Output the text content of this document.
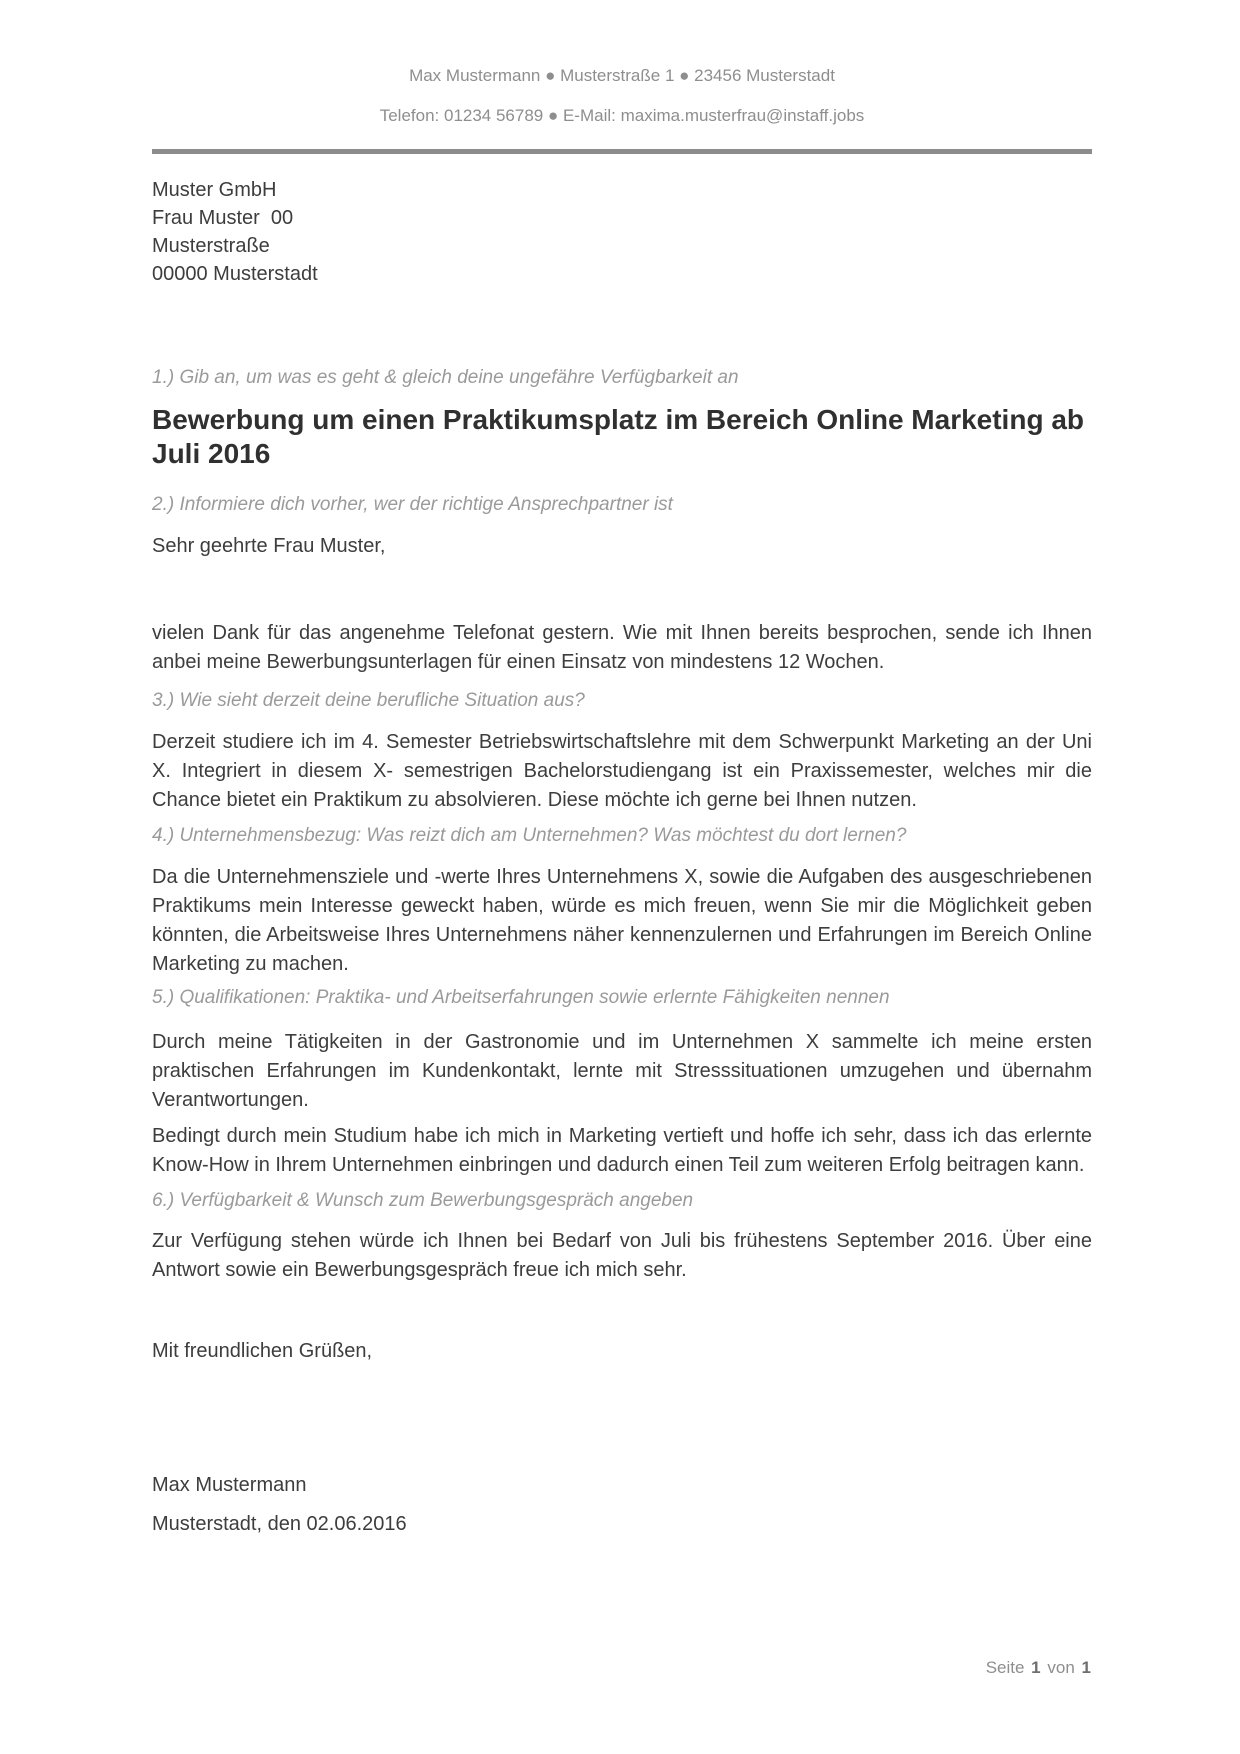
Max Mustermann ● Musterstraße 1 ● 23456 Musterstadt
Telefon: 01234 56789 ● E-Mail: maxima.musterfrau@instaff.jobs
Muster GmbH
Frau Muster  00
Musterstraße
00000 Musterstadt
1.) Gib an, um was es geht & gleich deine ungefähre Verfügbarkeit an
Bewerbung um einen Praktikumsplatz im Bereich Online Marketing ab Juli 2016
2.) Informiere dich vorher, wer der richtige Ansprechpartner ist
Sehr geehrte Frau Muster,
vielen Dank für das angenehme Telefonat gestern. Wie mit Ihnen bereits besprochen, sende ich Ihnen anbei meine Bewerbungsunterlagen für einen Einsatz von mindestens 12 Wochen.
3.) Wie sieht derzeit deine berufliche Situation aus?
Derzeit studiere ich im 4. Semester Betriebswirtschaftslehre mit dem Schwerpunkt Marketing an der Uni X. Integriert in diesem X- semestrigen Bachelorstudiengang ist ein Praxissemester, welches mir die Chance bietet ein Praktikum zu absolvieren. Diese möchte ich gerne bei Ihnen nutzen.
4.) Unternehmensbezug: Was reizt dich am Unternehmen? Was möchtest du dort lernen?
Da die Unternehmensziele und -werte Ihres Unternehmens X, sowie die Aufgaben des ausgeschriebenen Praktikums mein Interesse geweckt haben, würde es mich freuen, wenn Sie mir die Möglichkeit geben könnten, die Arbeitsweise Ihres Unternehmens näher kennenzulernen und Erfahrungen im Bereich Online Marketing zu machen.
5.) Qualifikationen: Praktika- und Arbeitserfahrungen sowie erlernte Fähigkeiten nennen
Durch meine Tätigkeiten in der Gastronomie und im Unternehmen X sammelte ich meine ersten praktischen Erfahrungen im Kundenkontakt, lernte mit Stresssituationen umzugehen und übernahm Verantwortungen.
Bedingt durch mein Studium habe ich mich in Marketing vertieft und hoffe ich sehr, dass ich das erlernte Know-How in Ihrem Unternehmen einbringen und dadurch einen Teil zum weiteren Erfolg beitragen kann.
6.) Verfügbarkeit & Wunsch zum Bewerbungsgespräch angeben
Zur Verfügung stehen würde ich Ihnen bei Bedarf von Juli bis frühestens September 2016. Über eine Antwort sowie ein Bewerbungsgespräch freue ich mich sehr.
Mit freundlichen Grüßen,
Max Mustermann
Musterstadt, den 02.06.2016
Seite 1 von 1
